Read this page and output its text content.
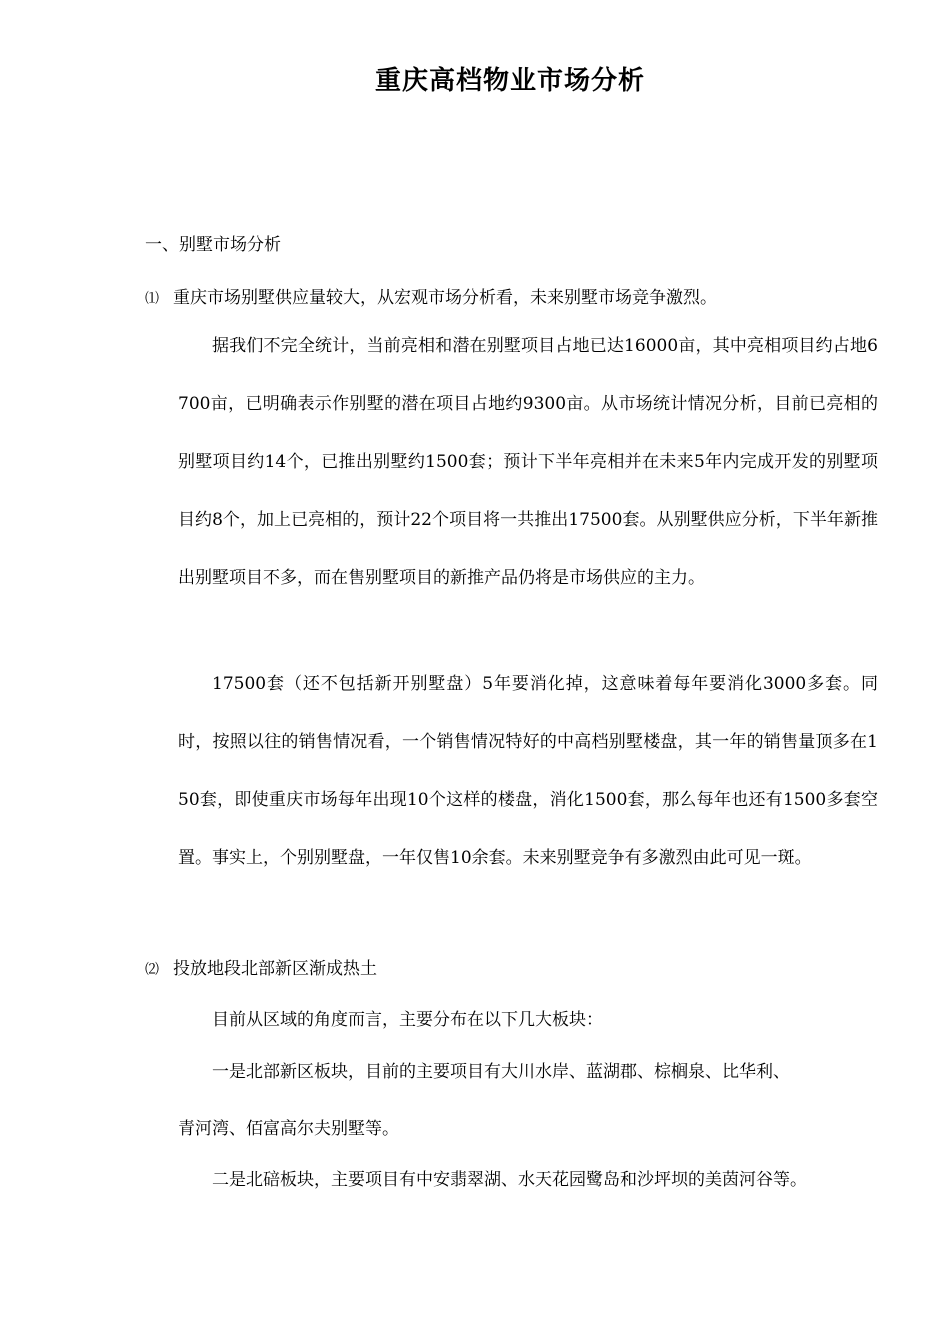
重庆高档物业市场分析
一、别墅市场分析
⑴ 重庆市场别墅供应量较大，从宏观市场分析看，未来别墅市场竞争激烈。
据我们不完全统计，当前亮相和潜在别墅项目占地已达16000亩，其中亮相项目约占地6700亩，已明确表示作别墅的潜在项目占地约9300亩。从市场统计情况分析，目前已亮相的别墅项目约14个，已推出别墅约1500套；预计下半年亮相并在未来5年内完成开发的别墅项目约8个，加上已亮相的，预计22个项目将一共推出17500套。从别墅供应分析，下半年新推出别墅项目不多，而在售别墅项目的新推产品仍将是市场供应的主力。
17500套（还不包括新开别墅盘）5年要消化掉，这意味着每年要消化3000多套。同时，按照以往的销售情况看，一个销售情况特好的中高档别墅楼盘，其一年的销售量顶多在150套，即使重庆市场每年出现10个这样的楼盘，消化1500套，那么每年也还有1500多套空置。事实上，个别别墅盘，一年仅售10余套。未来别墅竞争有多激烈由此可见一斑。
⑵ 投放地段北部新区渐成热土
目前从区域的角度而言，主要分布在以下几大板块：
一是北部新区板块，目前的主要项目有大川水岸、蓝湖郡、棕榈泉、比华利、
青河湾、佰富高尔夫别墅等。
二是北碚板块，主要项目有中安翡翠湖、水天花园鹭岛和沙坪坝的美茵河谷等。
